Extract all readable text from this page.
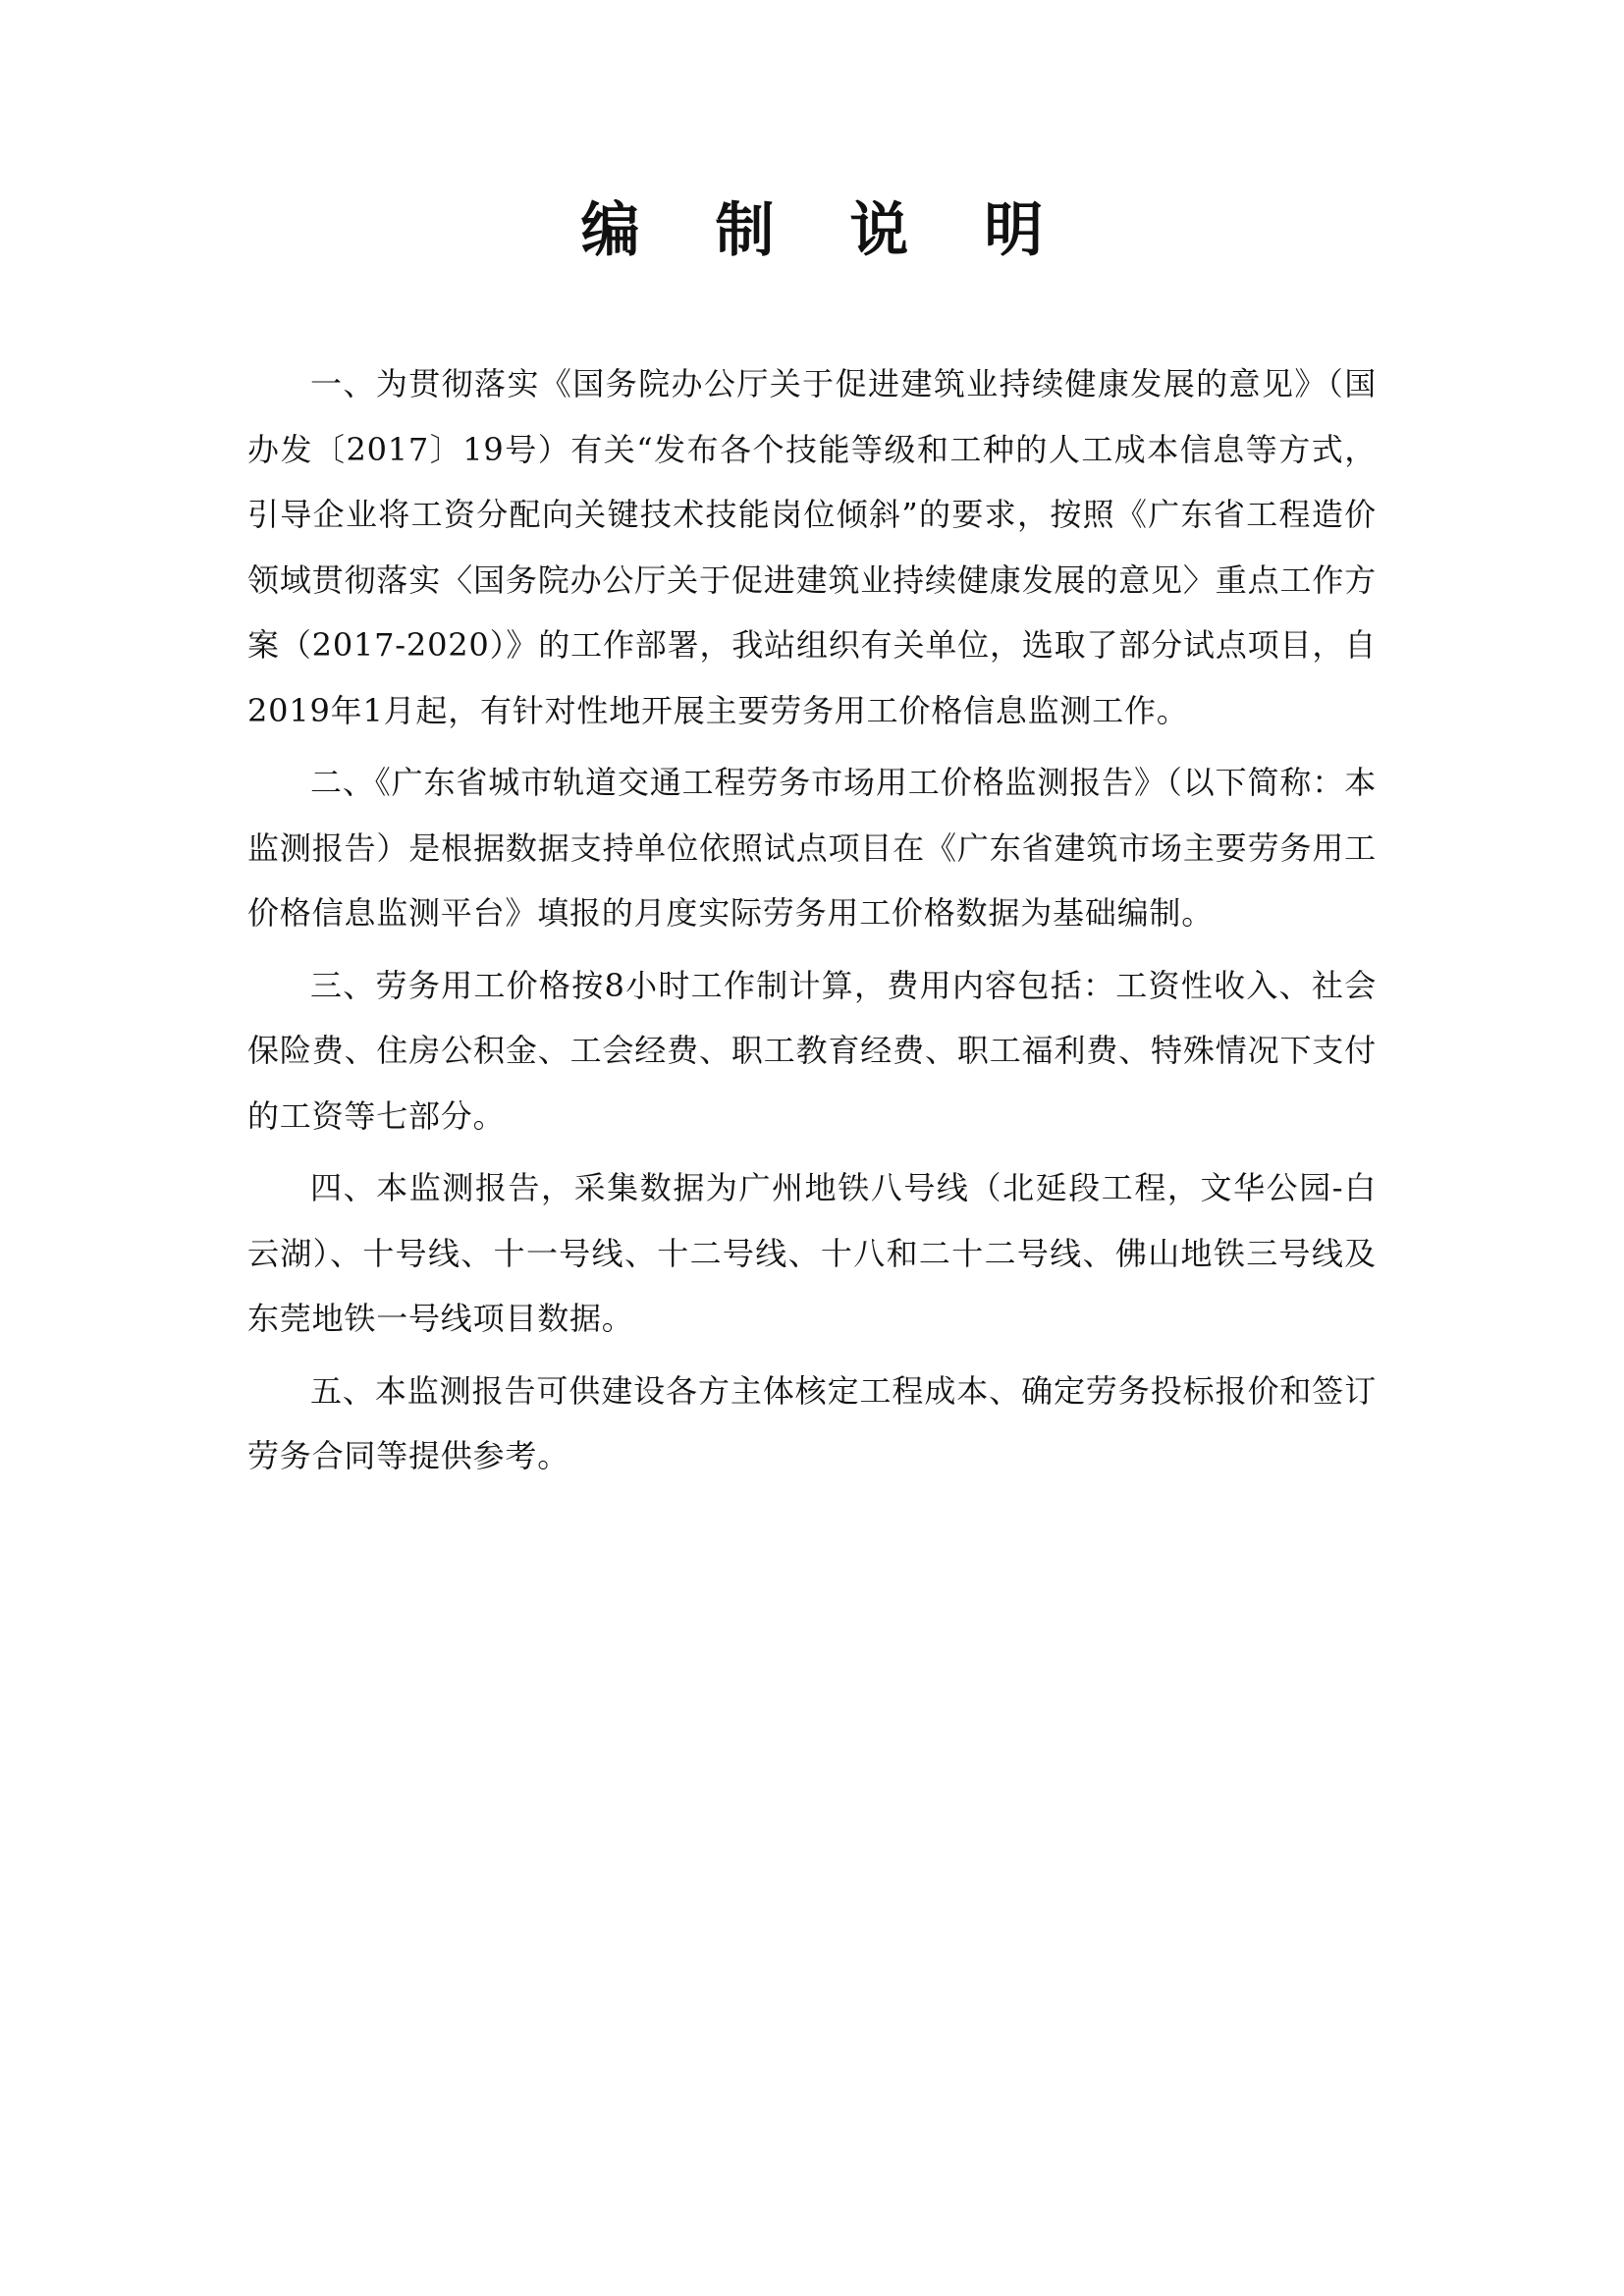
编 制 说 明

一、为贯彻落实《国务院办公厅关于促进建筑业持续健康发展的意见》（国办发〔2017〕19号）有关“发布各个技能等级和工种的人工成本信息等方式，引导企业将工资分配向关键技术技能岗位倾斜”的要求，按照《广东省工程造价领域贯彻落实〈国务院办公厅关于促进建筑业持续健康发展的意见〉重点工作方案（2017-2020）》的工作部署，我站组织有关单位，选取了部分试点项目，自2019年1月起，有针对性地开展主要劳务用工价格信息监测工作。

二、《广东省城市轨道交通工程劳务市场用工价格监测报告》（以下简称：本监测报告）是根据数据支持单位依照试点项目在《广东省建筑市场主要劳务用工价格信息监测平台》填报的月度实际劳务用工价格数据为基础编制。

三、劳务用工价格按8小时工作制计算，费用内容包括：工资性收入、社会保险费、住房公积金、工会经费、职工教育经费、职工福利费、特殊情况下支付的工资等七部分。

四、本监测报告，采集数据为广州地铁八号线（北延段工程，文华公园-白云湖）、十号线、十一号线、十二号线、十八和二十二号线、佛山地铁三号线及东莞地铁一号线项目数据。

五、本监测报告可供建设各方主体核定工程成本、确定劳务投标报价和签订劳务合同等提供参考。
